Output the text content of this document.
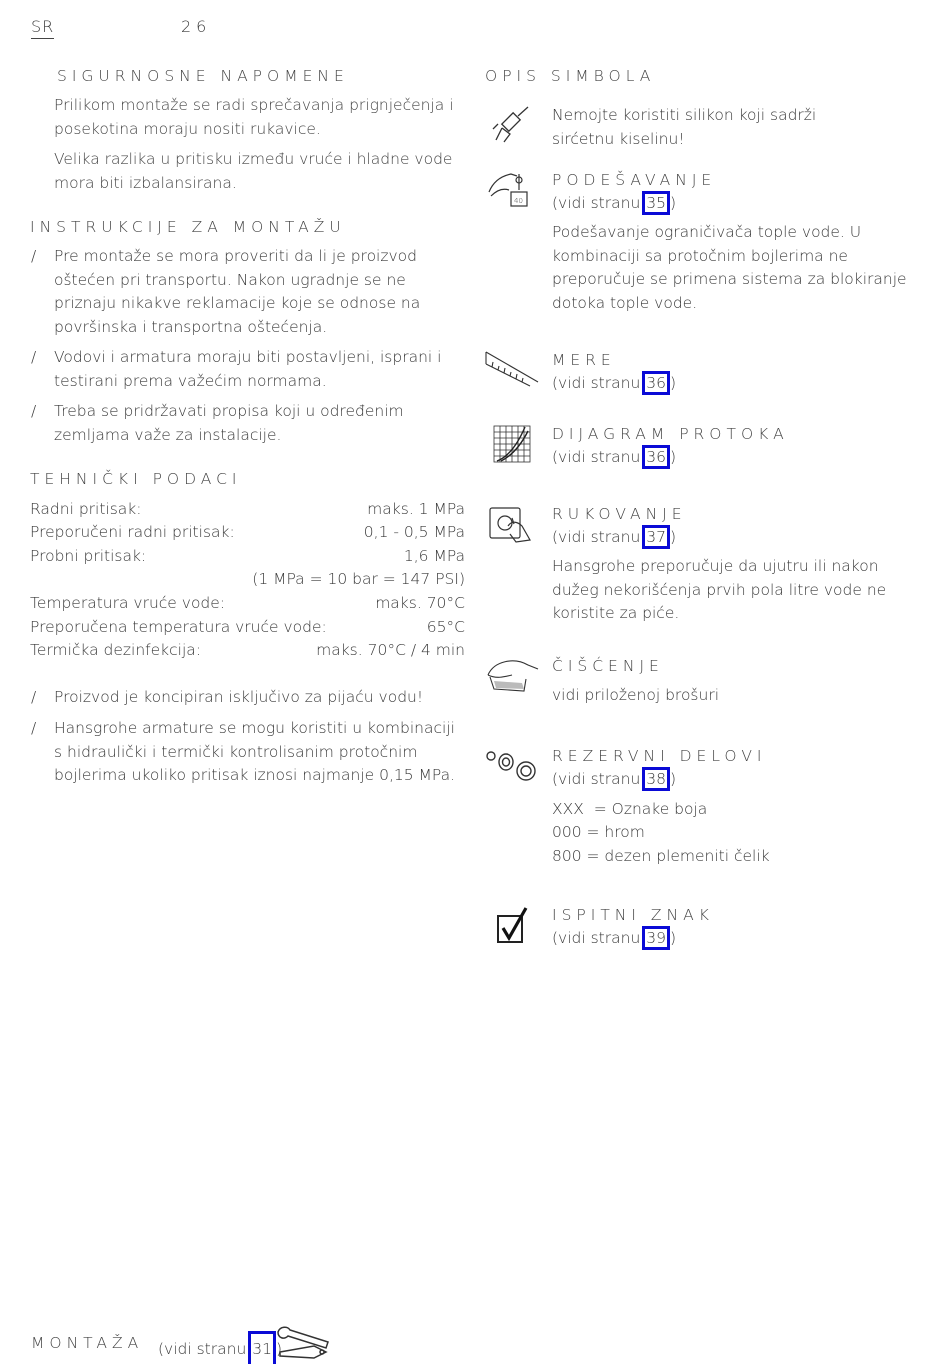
SR	26
SIGURNOSNE NAPOMENE
Prilikom montaže se radi sprečavanja prignječenja i posekotina moraju nositi rukavice.
Velika razlika u pritisku između vruće i hladne vode mora biti izbalansirana.
INSTRUKCIJE ZA MONTAŽU
/ Pre montaže se mora proveriti da li je proizvod oštećen pri transportu. Nakon ugradnje se ne priznaju nikakve reklamacije koje se odnose na površinska i transportna oštećenja.
/ Vodovi i armatura moraju biti postavljeni, isprani i testirani prema važećim normama.
/ Treba se pridržavati propisa koji u određenim zemljama važe za instalacije.
TEHNIČKI PODACI
Radni pritisak:	maks. 1 MPa
Preporučeni radni pritisak:	0,1 - 0,5 MPa
Probni pritisak:	1,6 MPa
(1 MPa = 10 bar = 147 PSI)
Temperatura vruće vode:	maks. 70°C
Preporučena temperatura vruće vode:	65°C
Termička dezinfekcija:	maks. 70°C / 4 min
/ Proizvod je koncipiran isključivo za pijaću vodu!
/ Hansgrohe armature se mogu koristiti u kombinaciji s hidraulički i termički kontrolisanim protočnim bojlerima ukoliko pritisak iznosi najmanje 0,15 MPa.
OPIS SIMBOLA
Nemojte koristiti silikon koji sadrži sirćetnu kiselinu!
40
PODEŠAVANJE
(vidi stranu 35 )
Podešavanje ograničivača tople vode. U kombinaciji sa protočnim bojlerima ne preporučuje se primena sistema za blokiranje dotoka tople vode.
MERE
(vidi stranu 36 )
DIJAGRAM PROTOKA
(vidi stranu 36 )
RUKOVANJE
(vidi stranu 37 )
Hansgrohe preporučuje da ujutru ili nakon dužeg nekorišćenja prvih pola litre vode ne koristite za piće.
ČIŠĆENJE
vidi priloženoj brošuri
REZERVNI DELOVI
(vidi stranu 38 )
XXX  = Oznake boja
000 = hrom
800 = dezen plemeniti čelik
ISPITNI ZNAK
(vidi stranu 39 )
MONTAŽA (vidi stranu 31 )
